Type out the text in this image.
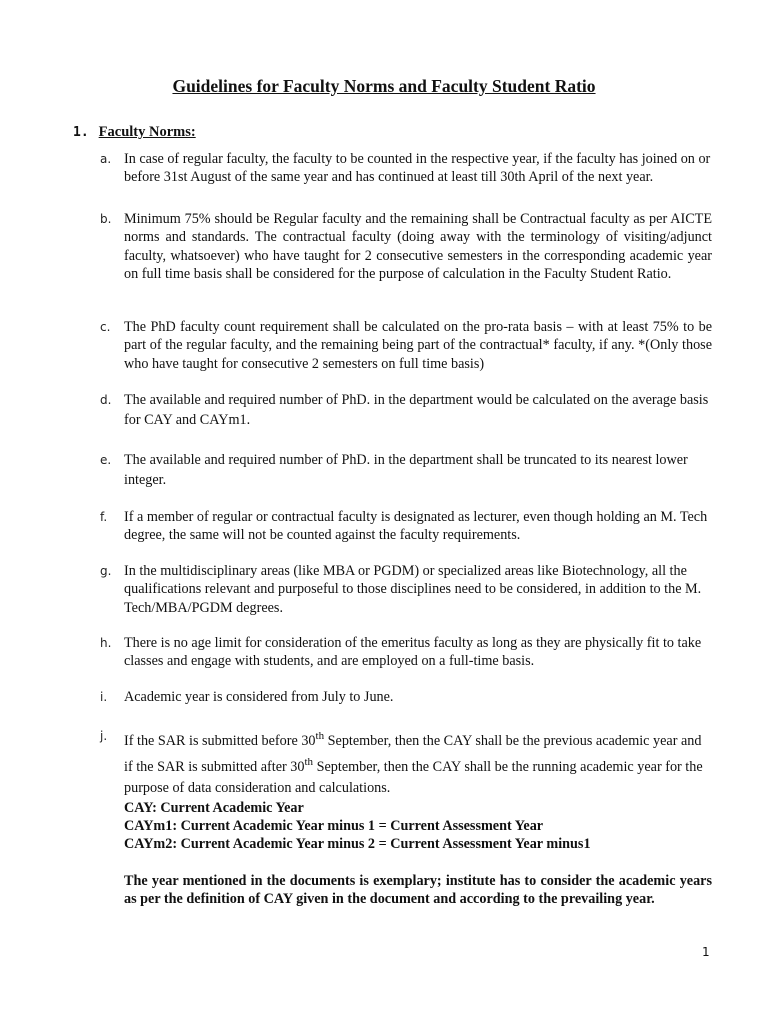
Guidelines for Faculty Norms and Faculty Student Ratio
1. Faculty Norms:
a. In case of regular faculty, the faculty to be counted in the respective year, if the faculty has joined on or before 31st August of the same year and has continued at least till 30th April of the next year.
b. Minimum 75% should be Regular faculty and the remaining shall be Contractual faculty as per AICTE norms and standards. The contractual faculty (doing away with the terminology of visiting/adjunct faculty, whatsoever) who have taught for 2 consecutive semesters in the corresponding academic year on full time basis shall be considered for the purpose of calculation in the Faculty Student Ratio.
c. The PhD faculty count requirement shall be calculated on the pro-rata basis – with at least 75% to be part of the regular faculty, and the remaining being part of the contractual* faculty, if any. *(Only those who have taught for consecutive 2 semesters on full time basis)
d. The available and required number of PhD. in the department would be calculated on the average basis for CAY and CAYm1.
e. The available and required number of PhD. in the department shall be truncated to its nearest lower integer.
f.	If a member of regular or contractual faculty is designated as lecturer, even though holding an M. Tech degree, the same will not be counted against the faculty requirements.
g. In the multidisciplinary areas (like MBA or PGDM) or specialized areas like Biotechnology, all the qualifications relevant and purposeful to those disciplines need to be considered, in addition to the M. Tech/MBA/PGDM degrees.
h. There is no age limit for consideration of the emeritus faculty as long as they are physically fit to take classes and engage with students, and are employed on a full-time basis.
i.	Academic year is considered from July to June.
j.	If the SAR is submitted before 30th September, then the CAY shall be the previous academic year and if the SAR is submitted after 30th September, then the CAY shall be the running academic year for the purpose of data consideration and calculations.
CAY: Current Academic Year
CAYm1: Current Academic Year minus 1 = Current Assessment Year
CAYm2: Current Academic Year minus 2 = Current Assessment Year minus1
The year mentioned in the documents is exemplary; institute has to consider the academic years as per the definition of CAY given in the document and according to the prevailing year.
1
